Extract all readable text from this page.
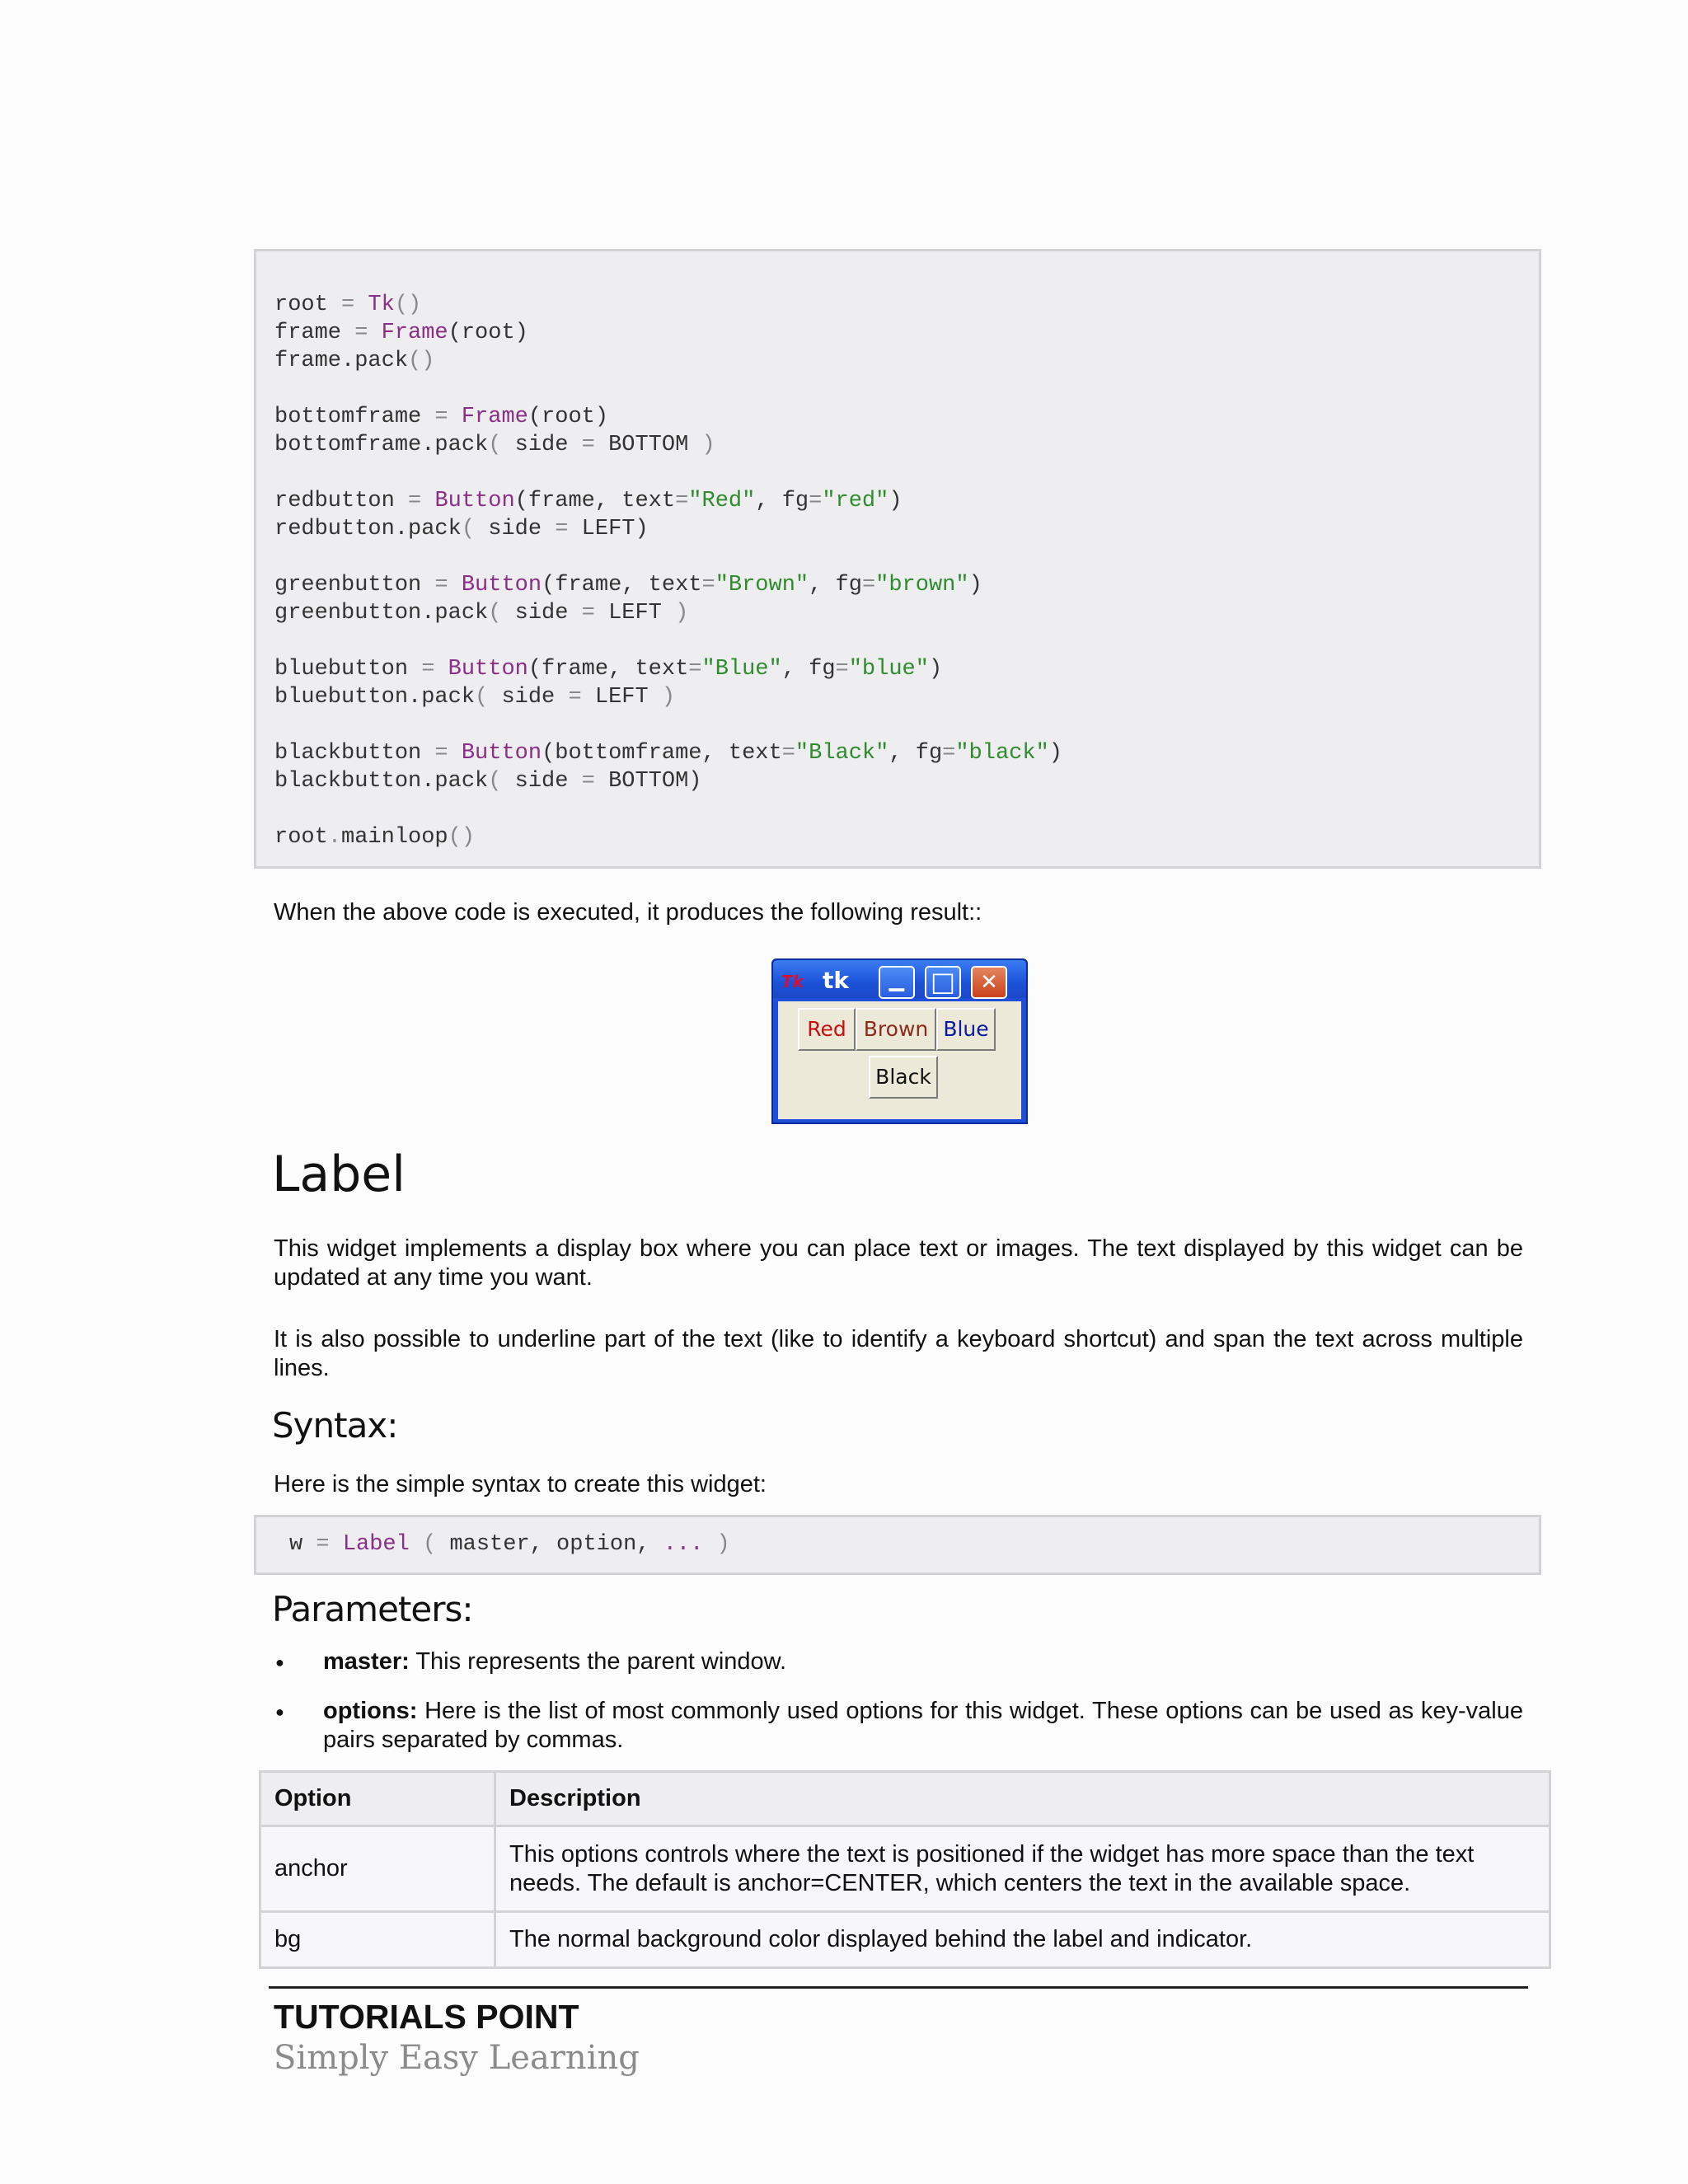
root = Tk()
frame = Frame(root)
frame.pack()
bottomframe = Frame(root)
bottomframe.pack( side = BOTTOM )
redbutton = Button(frame, text="Red", fg="red")
redbutton.pack( side = LEFT)
greenbutton = Button(frame, text="Brown", fg="brown")
greenbutton.pack( side = LEFT )
bluebutton = Button(frame, text="Blue", fg="blue")
bluebutton.pack( side = LEFT )
blackbutton = Button(bottomframe, text="Black", fg="black")
blackbutton.pack( side = BOTTOM)
root.mainloop()
When the above code is executed, it produces the following result::
Tk tk	▁ □	✕
Red Brown Blue
Black
Label
This widget implements a display box where you can place text or images. The text displayed by this widget can be updated at any time you want.
It is also possible to underline part of the text (like to identify a keyboard shortcut) and span the text across multiple lines.
Syntax:
Here is the simple syntax to create this widget:
w = Label ( master, option, ... )
Parameters:
● master: This represents the parent window.
● options: Here is the list of most commonly used options for this widget. These options can be used as key-value pairs separated by commas.
Option	Description
anchor	This options controls where the text is positioned if the widget has more space than the text needs. The default is anchor=CENTER, which centers the text in the available space.
bg	The normal background color displayed behind the label and indicator.
TUTORIALS POINT
Simply Easy Learning
